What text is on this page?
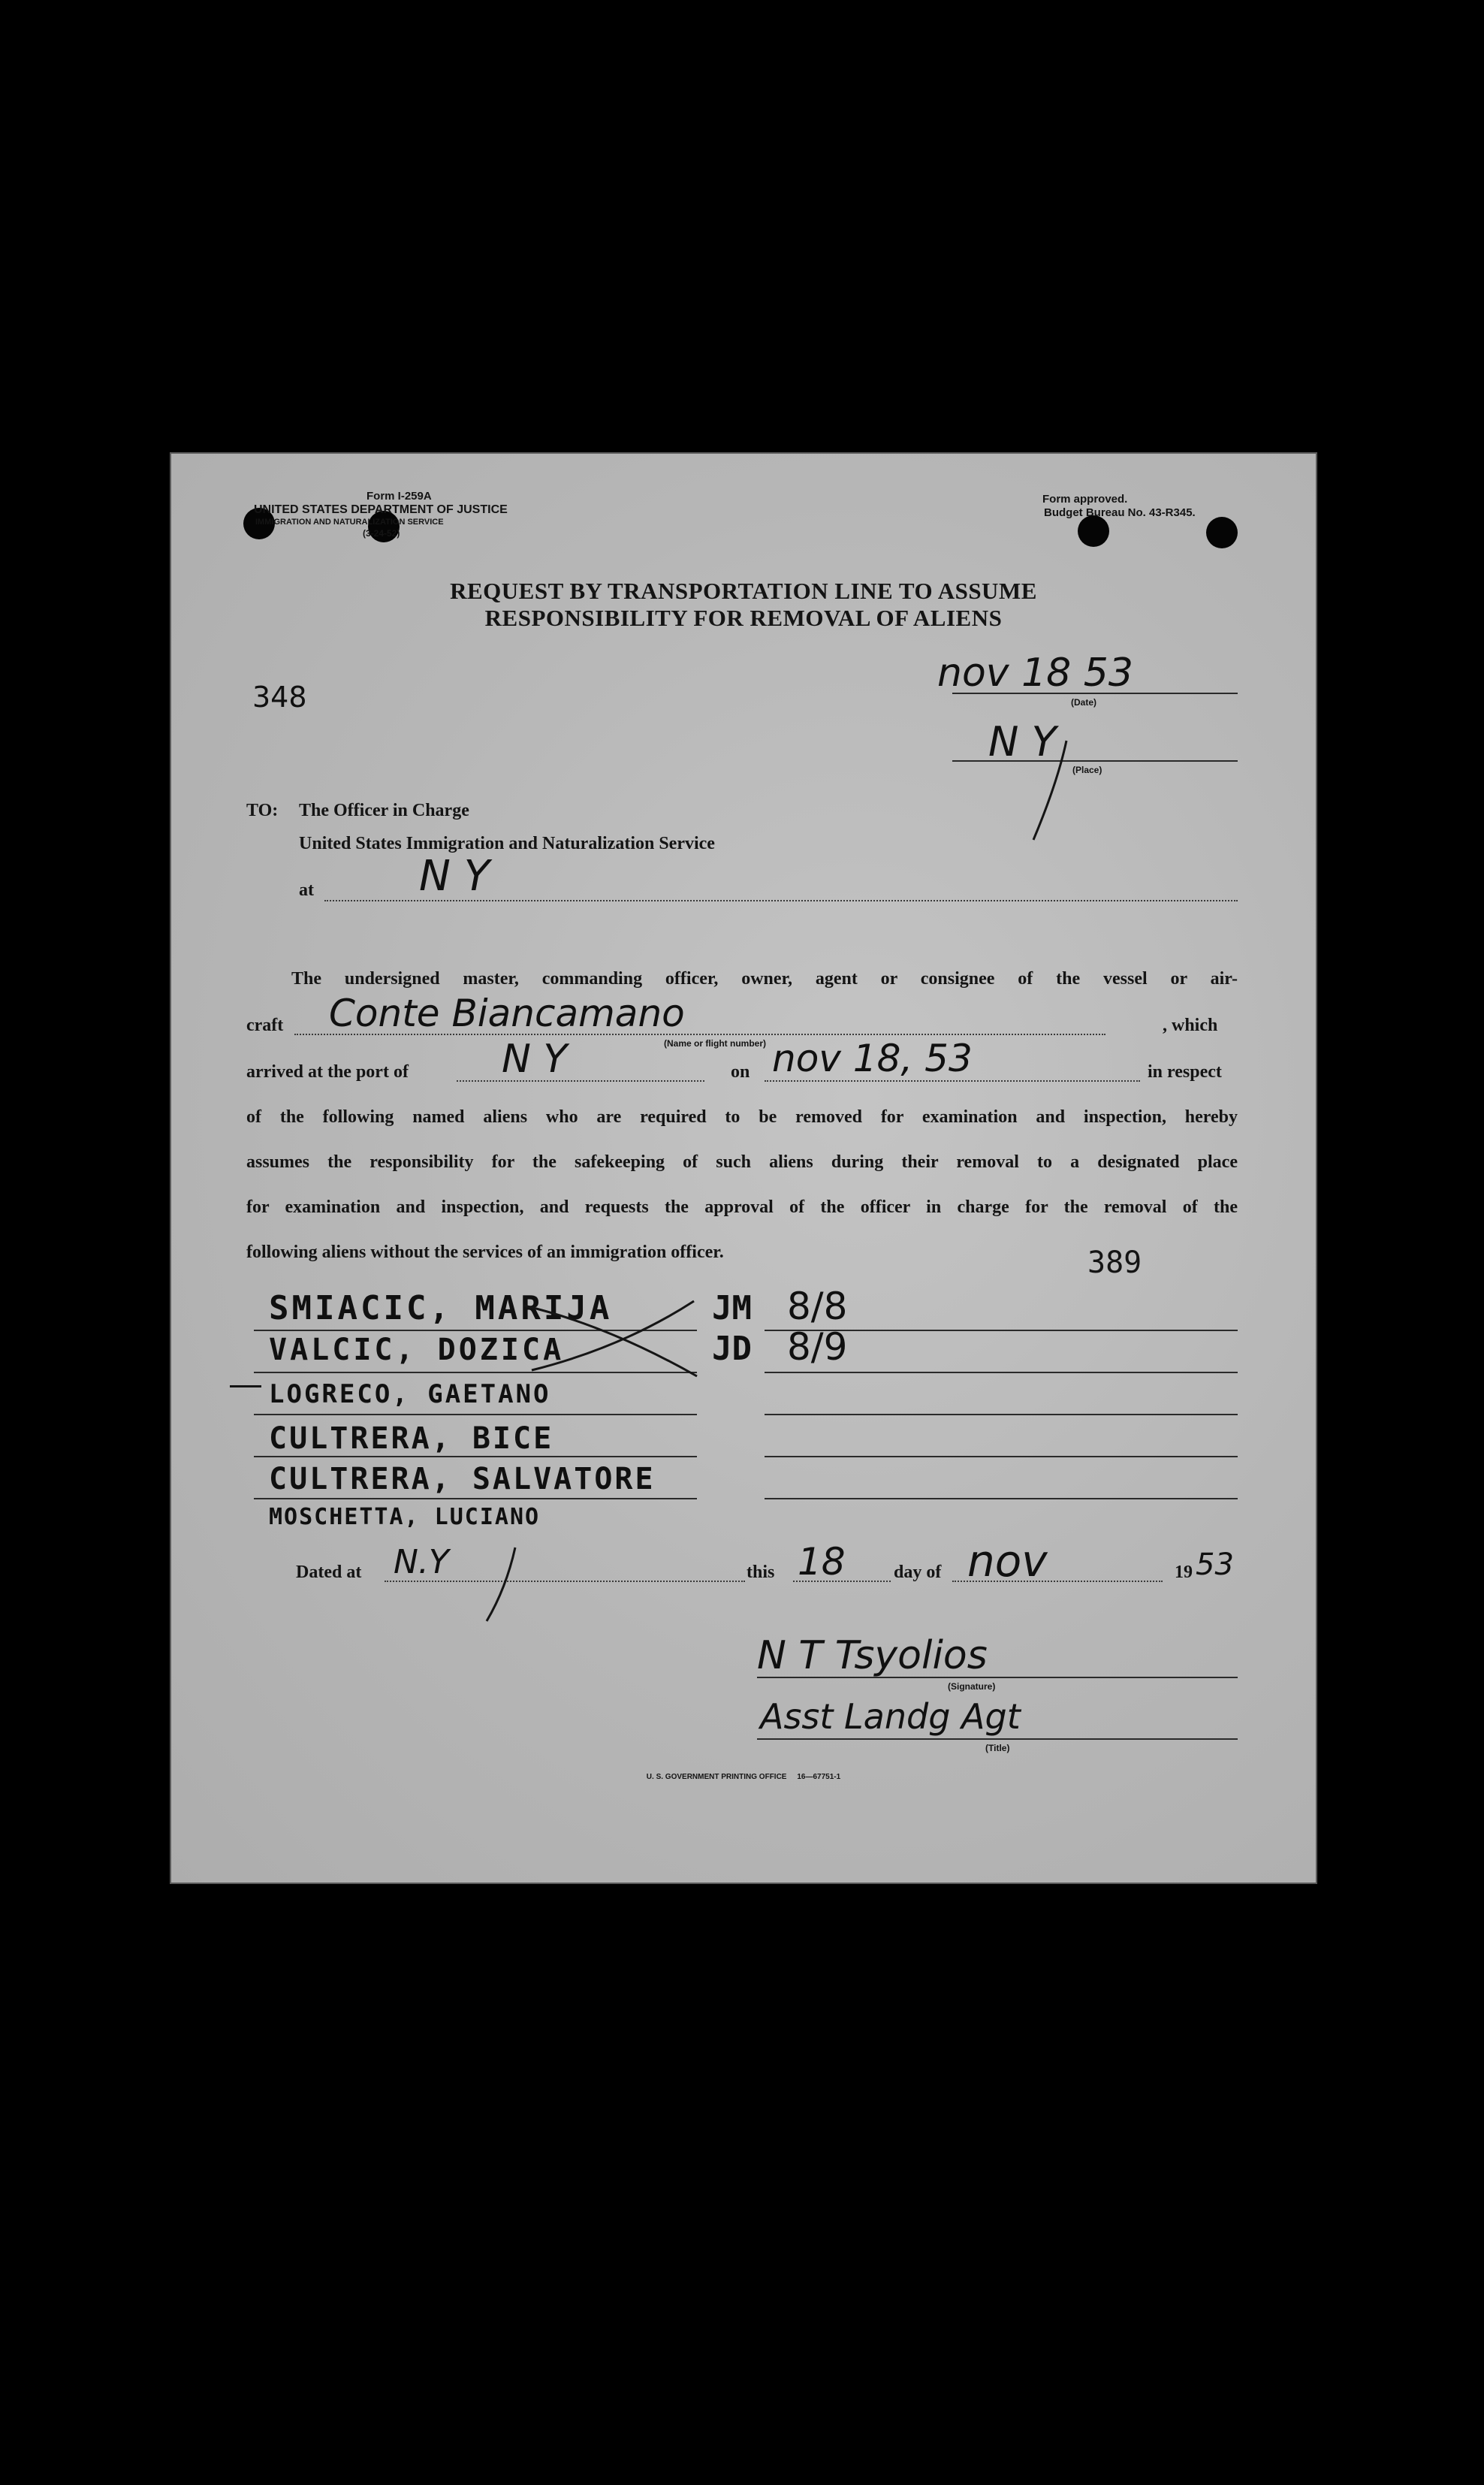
Form I-259A
UNITED STATES DEPARTMENT OF JUSTICE
IMMIGRATION AND NATURALIZATION SERVICE
(3-24-52)
Form approved.
Budget Bureau No. 43-R345.
REQUEST BY TRANSPORTATION LINE TO ASSUME
RESPONSIBILITY FOR REMOVAL OF ALIENS
348
nov 18 53
(Date)
N Y
(Place)
TO: The Officer in Charge
United States Immigration and Naturalization Service
at	N Y
The undersigned master, commanding officer, owner, agent or consignee of the vessel or air-
craft Conte Biancamano
(Name or flight number)
, which
arrived at the port of N Y	on nov 18, 53	in respect
of the following named aliens who are required to be removed for examination and inspection, hereby
assumes the responsibility for the safekeeping of such aliens during their removal to a designated place
for examination and inspection, and requests the approval of the officer in charge for the removal of the
following aliens without the services of an immigration officer.	389
SMIACIC, MARIJA	JM 8/8
VALCIC, DOZICA	JD 8/9
LOGRECO, GAETANO
CULTRERA, BICE
CULTRERA, SALVATORE
MOSCHETTA, LUCIANO
Dated at N.Y	this 18	day of nov	19 53
N T Tsyolios
(Signature)
Asst Landg Agt
(Title)
U. S. GOVERNMENT PRINTING OFFICE     16—67751-1
